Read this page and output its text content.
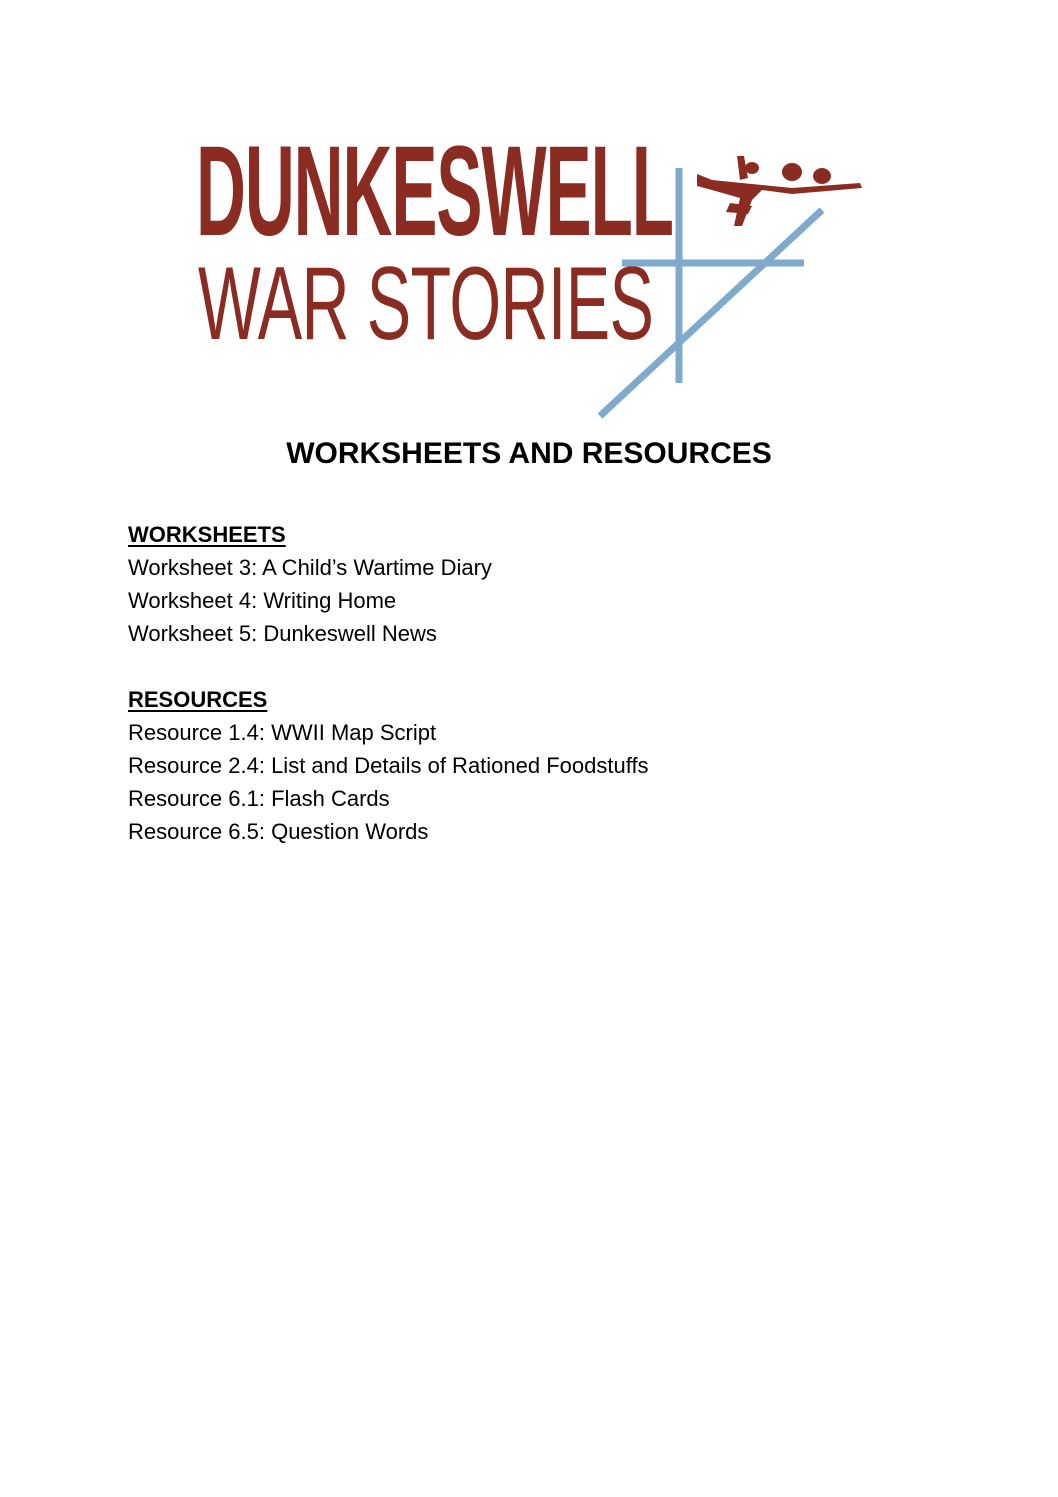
DUNKESWELL
WAR STORIES
WORKSHEETS AND RESOURCES
WORKSHEETS
Worksheet 3: A Child’s Wartime Diary
Worksheet 4: Writing Home
Worksheet 5: Dunkeswell News
RESOURCES
Resource 1.4: WWII Map Script
Resource 2.4: List and Details of Rationed Foodstuffs
Resource 6.1: Flash Cards
Resource 6.5: Question Words
